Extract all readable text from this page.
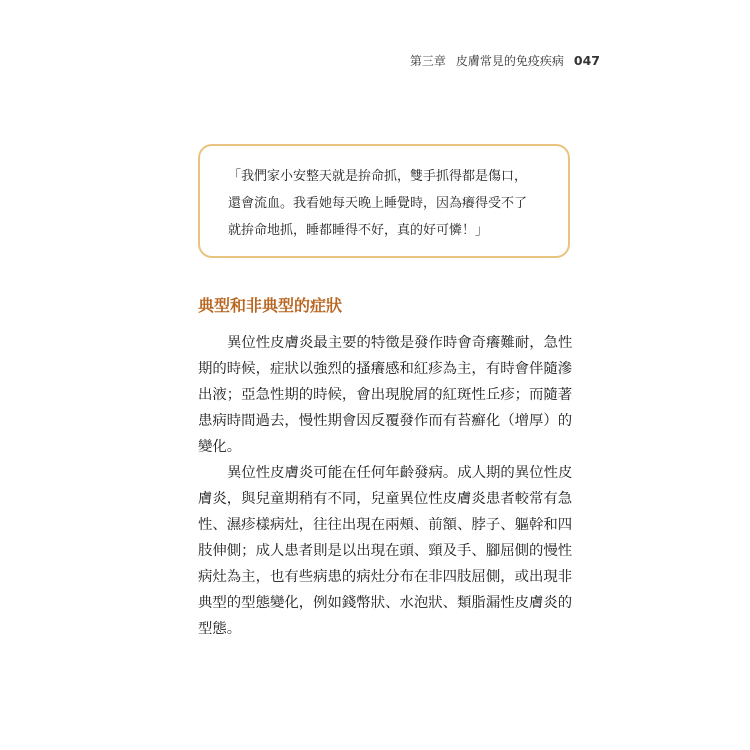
第三章 皮膚常見的免疫疾病 047
「我們家小安整天就是拚命抓，雙手抓得都是傷口，
還會流血。我看她每天晚上睡覺時，因為癢得受不了
就拚命地抓，睡都睡得不好，真的好可憐！」
典型和非典型的症狀
異位性皮膚炎最主要的特徵是發作時會奇癢難耐，急性
期的時候，症狀以強烈的搔癢感和紅疹為主，有時會伴隨滲
出液；亞急性期的時候，會出現脫屑的紅斑性丘疹；而隨著
患病時間過去，慢性期會因反覆發作而有苔癬化（增厚）的
變化。
異位性皮膚炎可能在任何年齡發病。成人期的異位性皮
膚炎，與兒童期稍有不同，兒童異位性皮膚炎患者較常有急
性、濕疹樣病灶，往往出現在兩頰、前額、脖子、軀幹和四
肢伸側；成人患者則是以出現在頭、頸及手、腳屈側的慢性
病灶為主，也有些病患的病灶分布在非四肢屈側，或出現非
典型的型態變化，例如錢幣狀、水泡狀、類脂漏性皮膚炎的
型態。
